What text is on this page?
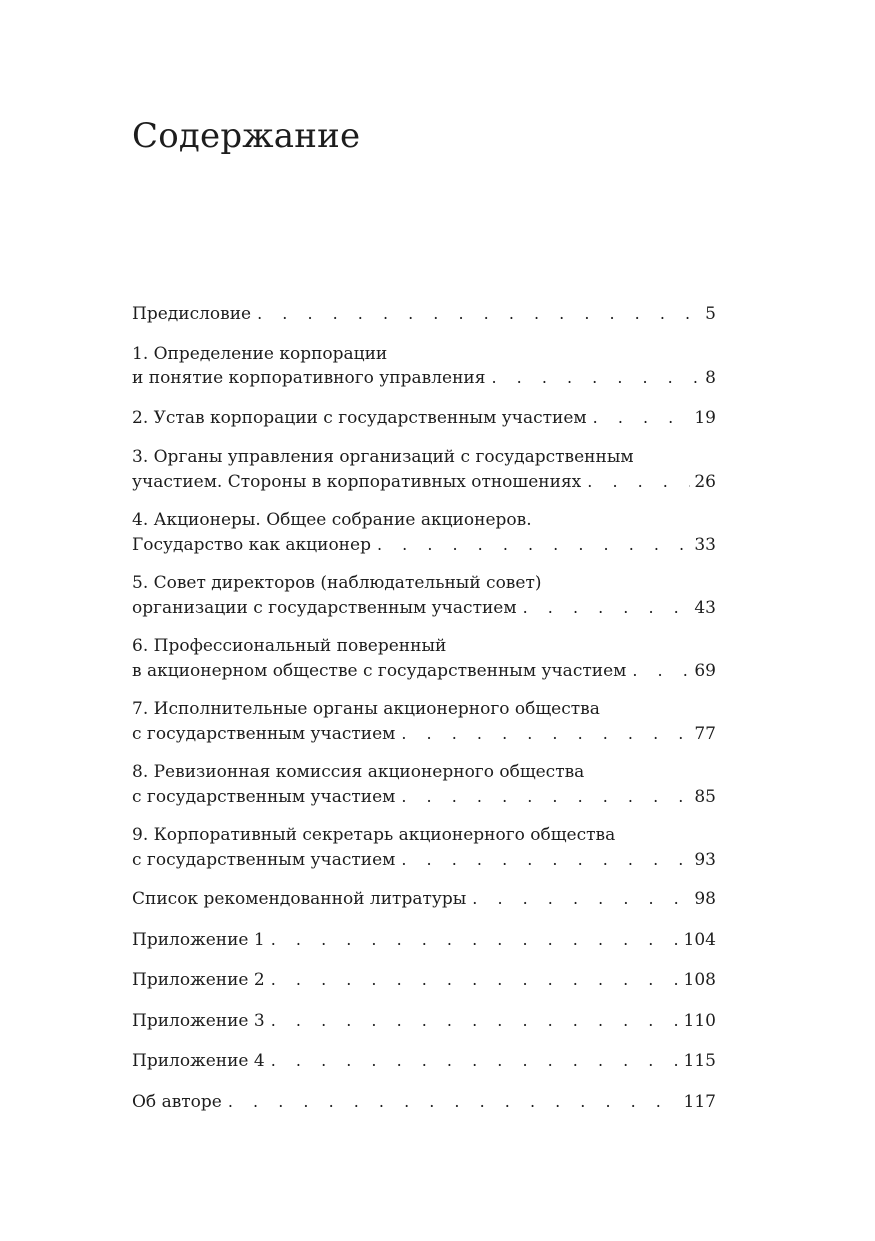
Содержание
Предисловие . . .	5
1. Определение корпорации
и понятие корпоративного управления . . .	8
2. Устав корпорации с государственным участием . . .	19
3. Органы управления организаций с государственным
участием. Стороны в корпоративных отношениях . . .	26
4. Акционеры. Общее собрание акционеров.
Государство как акционер . . .	33
5. Совет директоров (наблюдательный совет)
организации с государственным участием . . .	43
6. Профессиональный поверенный
в акционерном обществе с государственным участием . . .	69
7. Исполнительные органы акционерного общества
с государственным участием . . .	77
8. Ревизионная комиссия акционерного общества
с государственным участием . . .	85
9. Корпоративный секретарь акционерного общества
с государственным участием . . .	93
Список рекомендованной литратуры . . .	98
Приложение 1 . . .	104
Приложение 2 . . .	108
Приложение 3 . . .	110
Приложение 4 . . .	115
Об авторе . . .	117
